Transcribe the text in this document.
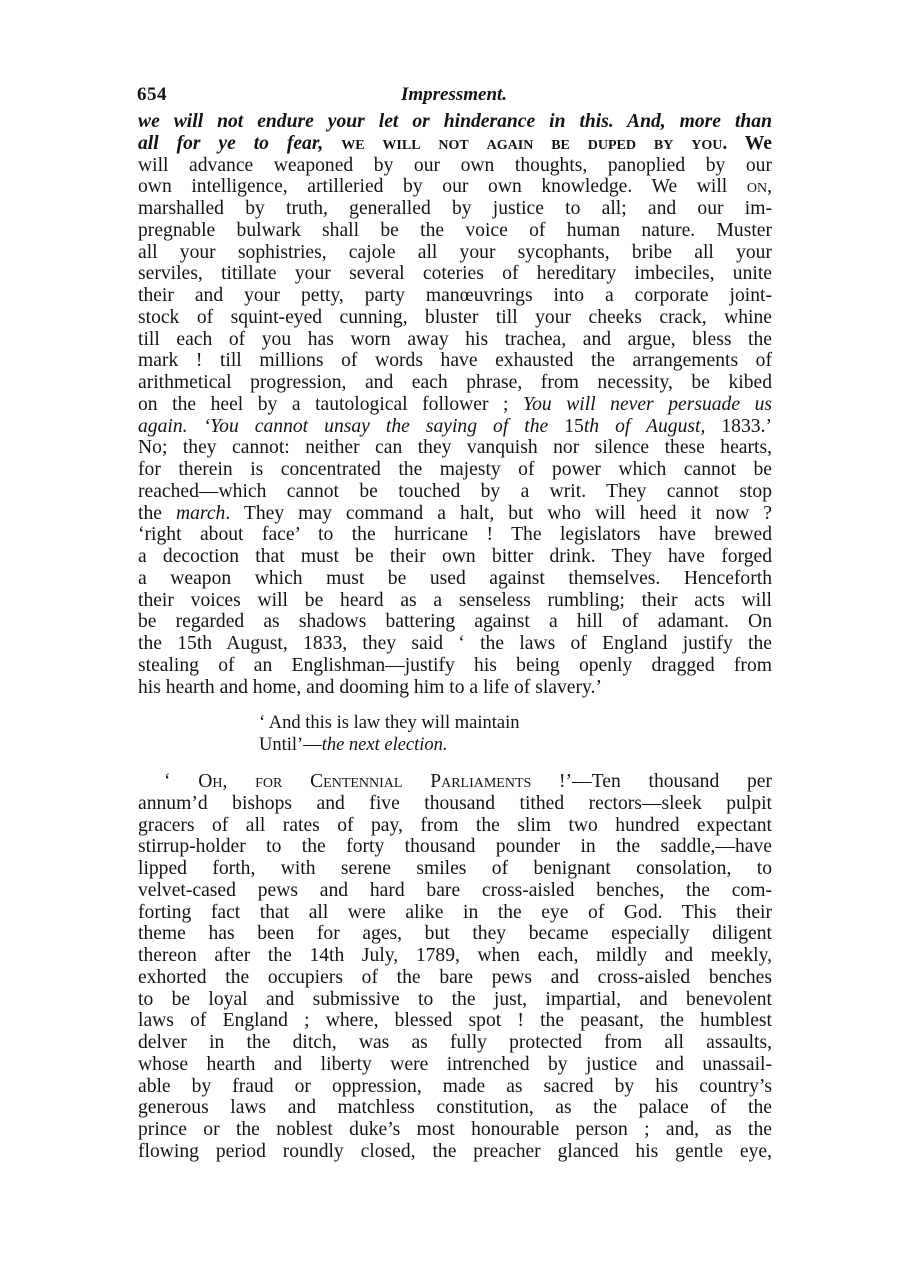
654	Impressment.
we will not endure your let or hinderance in this. And, more than
all for ye to fear, we will not again be duped by you. We
will advance weaponed by our own thoughts, panoplied by our
own intelligence, artilleried by our own knowledge. We will on,
marshalled by truth, generalled by justice to all; and our im-
pregnable bulwark shall be the voice of human nature. Muster
all your sophistries, cajole all your sycophants, bribe all your
serviles, titillate your several coteries of hereditary imbeciles, unite
their and your petty, party manœuvrings into a corporate joint-
stock of squint-eyed cunning, bluster till your cheeks crack, whine
till each of you has worn away his trachea, and argue, bless the
mark ! till millions of words have exhausted the arrangements of
arithmetical progression, and each phrase, from necessity, be kibed
on the heel by a tautological follower ; You will never persuade us
again. ‘You cannot unsay the saying of the 15th of August, 1833.’
No; they cannot: neither can they vanquish nor silence these hearts,
for therein is concentrated the majesty of power which cannot be
reached—which cannot be touched by a writ. They cannot stop
the march. They may command a halt, but who will heed it now ?
‘right about face’ to the hurricane ! The legislators have brewed
a decoction that must be their own bitter drink. They have forged
a weapon which must be used against themselves. Henceforth
their voices will be heard as a senseless rumbling; their acts will
be regarded as shadows battering against a hill of adamant. On
the 15th August, 1833, they said ‘ the laws of England justify the
stealing of an Englishman—justify his being openly dragged from
his hearth and home, and dooming him to a life of slavery.’
‘ And this is law they will maintain
Until’—the next election.
‘ Oh, for Centennial Parliaments !’—Ten thousand per
annum’d bishops and five thousand tithed rectors—sleek pulpit
gracers of all rates of pay, from the slim two hundred expectant
stirrup-holder to the forty thousand pounder in the saddle,—have
lipped forth, with serene smiles of benignant consolation, to
velvet-cased pews and hard bare cross-aisled benches, the com-
forting fact that all were alike in the eye of God. This their
theme has been for ages, but they became especially diligent
thereon after the 14th July, 1789, when each, mildly and meekly,
exhorted the occupiers of the bare pews and cross-aisled benches
to be loyal and submissive to the just, impartial, and benevolent
laws of England ; where, blessed spot ! the peasant, the humblest
delver in the ditch, was as fully protected from all assaults,
whose hearth and liberty were intrenched by justice and unassail-
able by fraud or oppression, made as sacred by his country’s
generous laws and matchless constitution, as the palace of the
prince or the noblest duke’s most honourable person ; and, as the
flowing period roundly closed, the preacher glanced his gentle eye,
